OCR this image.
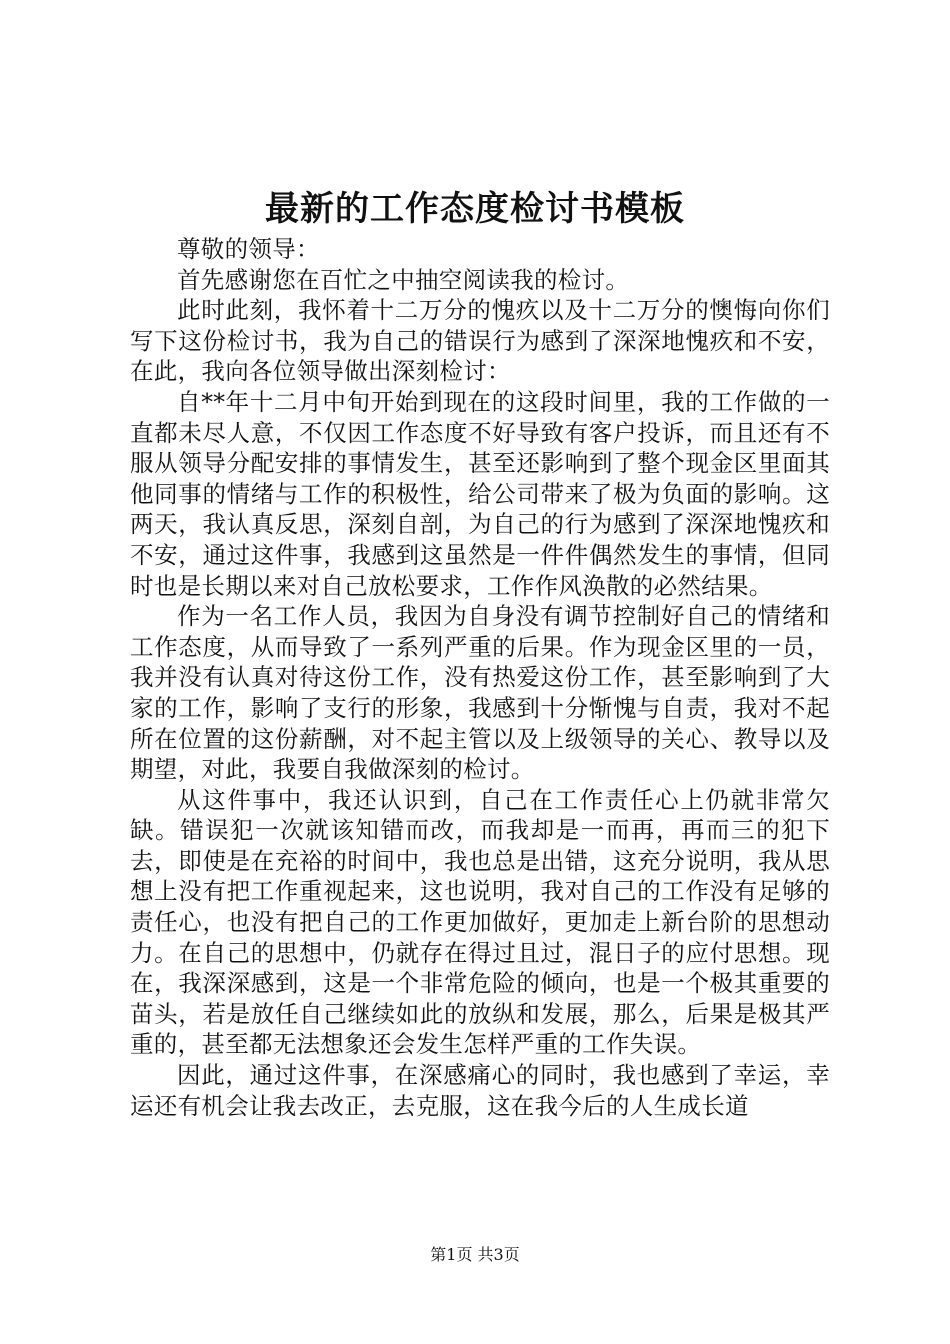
最新的工作态度检讨书模板

尊敬的领导：

首先感谢您在百忙之中抽空阅读我的检讨。

此时此刻，我怀着十二万分的愧疚以及十二万分的懊悔向你们写下这份检讨书，我为自己的错误行为感到了深深地愧疚和不安，在此，我向各位领导做出深刻检讨：

自**年十二月中旬开始到现在的这段时间里，我的工作做的一直都未尽人意，不仅因工作态度不好导致有客户投诉，而且还有不服从领导分配安排的事情发生，甚至还影响到了整个现金区里面其他同事的情绪与工作的积极性，给公司带来了极为负面的影响。这两天，我认真反思，深刻自剖，为自己的行为感到了深深地愧疚和不安，通过这件事，我感到这虽然是一件件偶然发生的事情，但同时也是长期以来对自己放松要求，工作作风涣散的必然结果。

作为一名工作人员，我因为自身没有调节控制好自己的情绪和工作态度，从而导致了一系列严重的后果。作为现金区里的一员，我并没有认真对待这份工作，没有热爱这份工作，甚至影响到了大家的工作，影响了支行的形象，我感到十分惭愧与自责，我对不起所在位置的这份薪酬，对不起主管以及上级领导的关心、教导以及期望，对此，我要自我做深刻的检讨。

从这件事中，我还认识到，自己在工作责任心上仍就非常欠缺。错误犯一次就该知错而改，而我却是一而再，再而三的犯下去，即使是在充裕的时间中，我也总是出错，这充分说明，我从思想上没有把工作重视起来，这也说明，我对自己的工作没有足够的责任心，也没有把自己的工作更加做好，更加走上新台阶的思想动力。在自己的思想中，仍就存在得过且过，混日子的应付思想。现在，我深深感到，这是一个非常危险的倾向，也是一个极其重要的苗头，若是放任自己继续如此的放纵和发展，那么，后果是极其严重的，甚至都无法想象还会发生怎样严重的工作失误。

因此，通过这件事，在深感痛心的同时，我也感到了幸运，幸运还有机会让我去改正，去克服，这在我今后的人生成长道

第1页 共3页
